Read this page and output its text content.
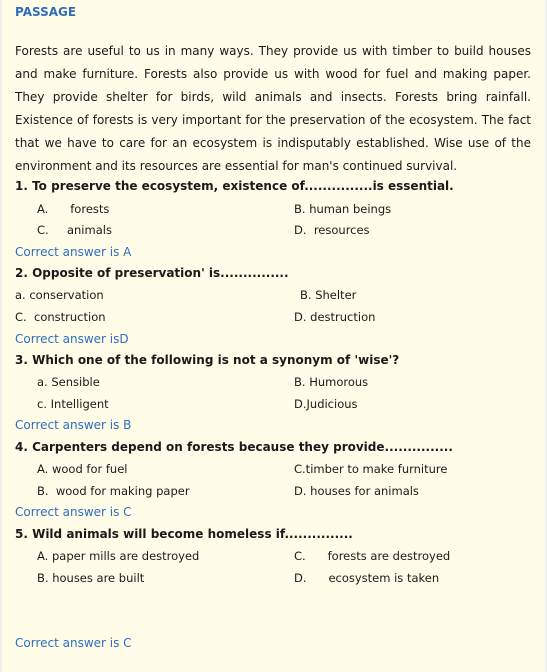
PASSAGE
Forests are useful to us in many ways. They provide us with timber to build houses and make furniture. Forests also provide us with wood for fuel and making paper. They provide shelter for birds, wild animals and insects. Forests bring rainfall. Existence of forests is very important for the preservation of the ecosystem. The fact that we have to care for an ecosystem is indisputably established. Wise use of the environment and its resources are essential for man's continued survival.
1. To preserve the ecosystem, existence of...............is essential.
A.      forests	B. human beings
C.     animals	D.  resources
Correct answer is A
2. Opposite of preservation' is...............
a. conservation	B. Shelter
C.  construction	D. destruction
Correct answer isD
3. Which one of the following is not a synonym of 'wise'?
a. Sensible	B. Humorous
c. Intelligent	D.Judicious
Correct answer is B
4. Carpenters depend on forests because they provide...............
A. wood for fuel	C.timber to make furniture
B.  wood for making paper	D. houses for animals
Correct answer is C
5. Wild animals will become homeless if...............
A. paper mills are destroyed	C.      forests are destroyed
B. houses are built	D.      ecosystem is taken
Correct answer is C
